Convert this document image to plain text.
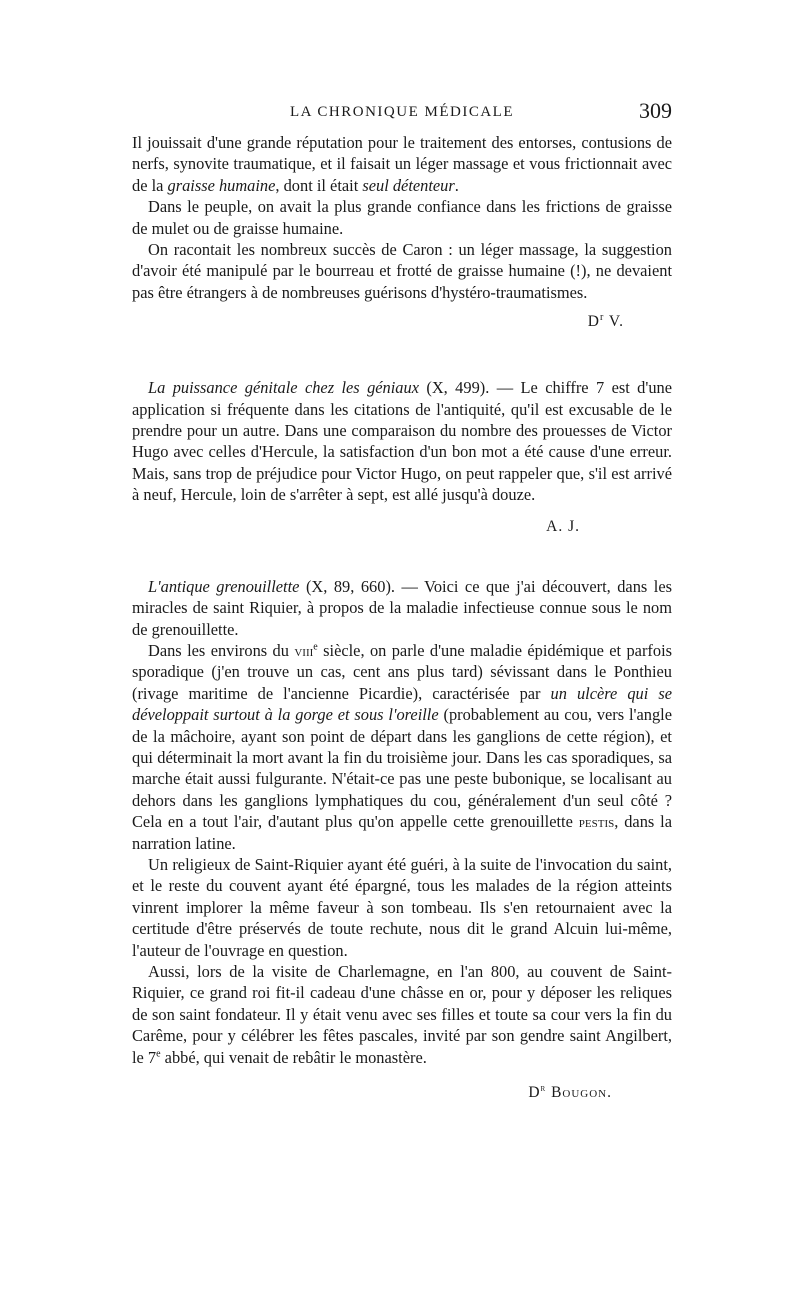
LA CHRONIQUE MÉDICALE	309

Il jouissait d'une grande réputation pour le traitement des entorses, contusions de nerfs, synovite traumatique, et il faisait un léger massage et vous frictionnait avec de la graisse humaine, dont il était seul détenteur.

Dans le peuple, on avait la plus grande confiance dans les frictions de graisse de mulet ou de graisse humaine.

On racontait les nombreux succès de Caron : un léger massage, la suggestion d'avoir été manipulé par le bourreau et frotté de graisse humaine (!), ne devaient pas être étrangers à de nombreuses guérisons d'hystéro-traumatismes.

$D^r$ V.

La puissance génitale chez les géniaux (X, 499). — Le chiffre 7 est d'une application si fréquente dans les citations de l'antiquité, qu'il est excusable de le prendre pour un autre. Dans une comparaison du nombre des prouesses de Victor Hugo avec celles d'Hercule, la satisfaction d'un bon mot a été cause d'une erreur. Mais, sans trop de préjudice pour Victor Hugo, on peut rappeler que, s'il est arrivé à neuf, Hercule, loin de s'arrêter à sept, est allé jusqu'à douze.

A. J.

L'antique grenouillette (X, 89, 660). — Voici ce que j'ai découvert, dans les miracles de saint Riquier, à propos de la maladie infectieuse connue sous le nom de grenouillette.

Dans les environs du viii$^e$ siècle, on parle d'une maladie épidémique et parfois sporadique (j'en trouve un cas, cent ans plus tard) sévissant dans le Ponthieu (rivage maritime de l'ancienne Picardie), caractérisée par un ulcère qui se développait surtout à la gorge et sous l'oreille (probablement au cou, vers l'angle de la mâchoire, ayant son point de départ dans les ganglions de cette région), et qui déterminait la mort avant la fin du troisième jour. Dans les cas sporadiques, sa marche était aussi fulgurante. N'était-ce pas une peste bubonique, se localisant au dehors dans les ganglions lymphatiques du cou, généralement d'un seul côté ? Cela en a tout l'air, d'autant plus qu'on appelle cette grenouillette pestis, dans la narration latine.

Un religieux de Saint-Riquier ayant été guéri, à la suite de l'invocation du saint, et le reste du couvent ayant été épargné, tous les malades de la région atteints vinrent implorer la même faveur à son tombeau. Ils s'en retournaient avec la certitude d'être préservés de toute rechute, nous dit le grand Alcuin lui-même, l'auteur de l'ouvrage en question.

Aussi, lors de la visite de Charlemagne, en l'an 800, au couvent de Saint-Riquier, ce grand roi fit-il cadeau d'une châsse en or, pour y déposer les reliques de son saint fondateur. Il y était venu avec ses filles et toute sa cour vers la fin du Carême, pour y célébrer les fêtes pascales, invité par son gendre saint Angilbert, le 7e abbé, qui venait de rebâtir le monastère.

$D^r$ Bougon.
